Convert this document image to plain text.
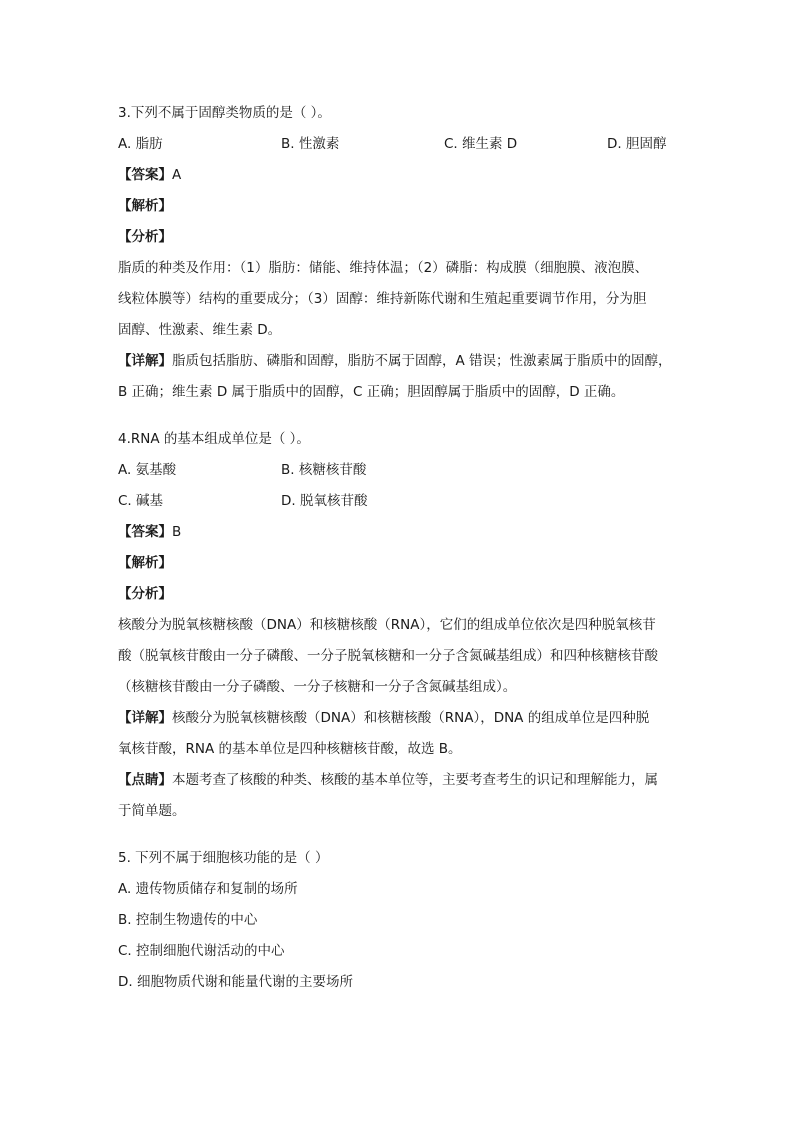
3.下列不属于固醇类物质的是（ ）。
A. 脂肪	B. 性激素	C. 维生素 D	D. 胆固醇
【答案】A
【解析】
【分析】
脂质的种类及作用：（1）脂肪：储能、维持体温；（2）磷脂：构成膜（细胞膜、液泡膜、
线粒体膜等）结构的重要成分；（3）固醇：维持新陈代谢和生殖起重要调节作用，分为胆
固醇、性激素、维生素 D。
【详解】脂质包括脂肪、磷脂和固醇，脂肪不属于固醇，A 错误；性激素属于脂质中的固醇，
B 正确；维生素 D 属于脂质中的固醇，C 正确；胆固醇属于脂质中的固醇，D 正确。
4.RNA 的基本组成单位是（ ）。
A. 氨基酸	B. 核糖核苷酸
C. 碱基	D. 脱氧核苷酸
【答案】B
【解析】
【分析】
核酸分为脱氧核糖核酸（DNA）和核糖核酸（RNA），它们的组成单位依次是四种脱氧核苷
酸（脱氧核苷酸由一分子磷酸、一分子脱氧核糖和一分子含氮碱基组成）和四种核糖核苷酸
（核糖核苷酸由一分子磷酸、一分子核糖和一分子含氮碱基组成）。
【详解】核酸分为脱氧核糖核酸（DNA）和核糖核酸（RNA），DNA 的组成单位是四种脱
氧核苷酸，RNA 的基本单位是四种核糖核苷酸，故选 B。
【点睛】本题考查了核酸的种类、核酸的基本单位等，主要考查考生的识记和理解能力，属
于简单题。
5. 下列不属于细胞核功能的是（ ）
A. 遗传物质储存和复制的场所
B. 控制生物遗传的中心
C. 控制细胞代谢活动的中心
D. 细胞物质代谢和能量代谢的主要场所
